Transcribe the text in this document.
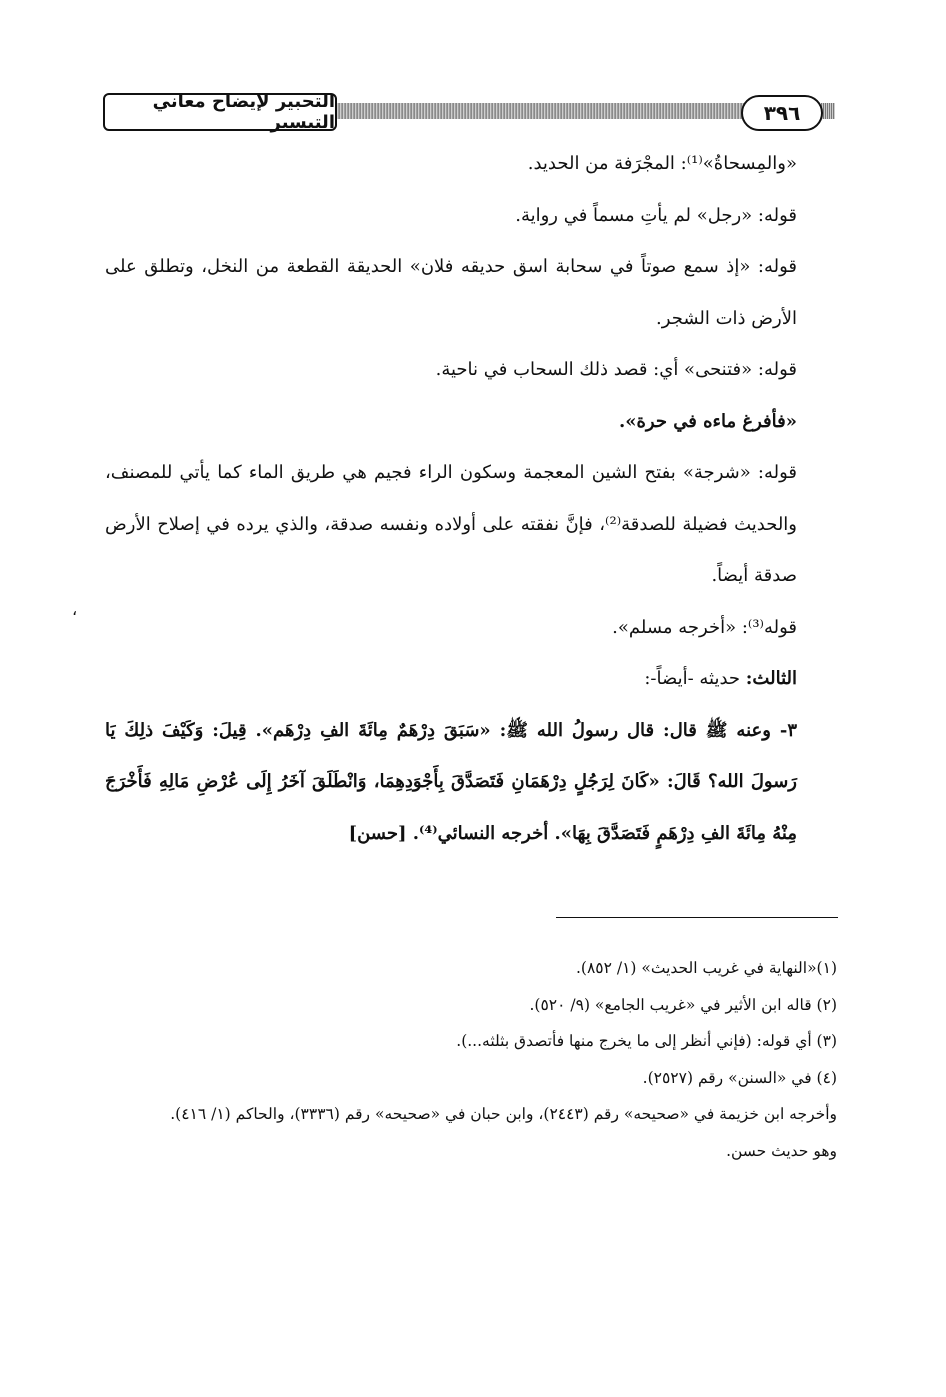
التحبير لإيضاح معاني التيسير	٣٩٦

«والمِسحاةُ»⁽¹⁾: المجْرَفة من الحديد.

قوله: «رجل» لم يأتِ مسماً في رواية.

قوله: «إذ سمع صوتاً في سحابة اسق حديقه فلان» الحديقة القطعة من النخل، وتطلق على الأرض ذات الشجر.

قوله: «فتنحى» أي: قصد ذلك السحاب في ناحية.

«فأفرغ ماءه في حرة».

قوله: «شرجة» بفتح الشين المعجمة وسكون الراء فجيم هي طريق الماء كما يأتي للمصنف، والحديث فضيلة للصدقة⁽²⁾، فإنَّ نفقته على أولاده ونفسه صدقة، والذي يرده في إصلاح الأرض صدقة أيضاً.

قوله⁽³⁾: «أخرجه مسلم».

الثالث: حديثه -أيضاً-:

٣- وعنه ﷺ قال: قال رسولُ الله ﷺ: «سَبَقَ دِرْهَمٌ مِائَةَ الفِ دِرْهَم». قِيلَ: وَكَيْفَ ذلِكَ يَا رَسولَ الله؟ قَالَ: «كَانَ لِرَجُلٍ دِرْهَمَانِ فَتَصَدَّقَ بِأَجْوَدِهِمَا، وَانْطَلَقَ آخَرُ إِلَى عُرْضِ مَالِهِ فَأَخْرَجَ مِنْهُ مِائَةَ الفِ دِرْهَمٍ فَتَصَدَّقَ بِهَا». أخرجه النسائي⁽⁴⁾. [حسن]

،

(١)«النهاية في غريب الحديث» (١/ ٨٥٢).

(٢) قاله ابن الأثير في «غريب الجامع» (٩/ ٥٢٠).

(٣) أي قوله: (فإني أنظر إلى ما يخرج منها فأتصدق بثلثه...).

(٤) في «السنن» رقم (٢٥٢٧).

وأخرجه ابن خزيمة في «صحيحه» رقم (٢٤٤٣)، وابن حبان في «صحيحه» رقم (٣٣٣٦)، والحاكم (١/ ٤١٦).

وهو حديث حسن.
